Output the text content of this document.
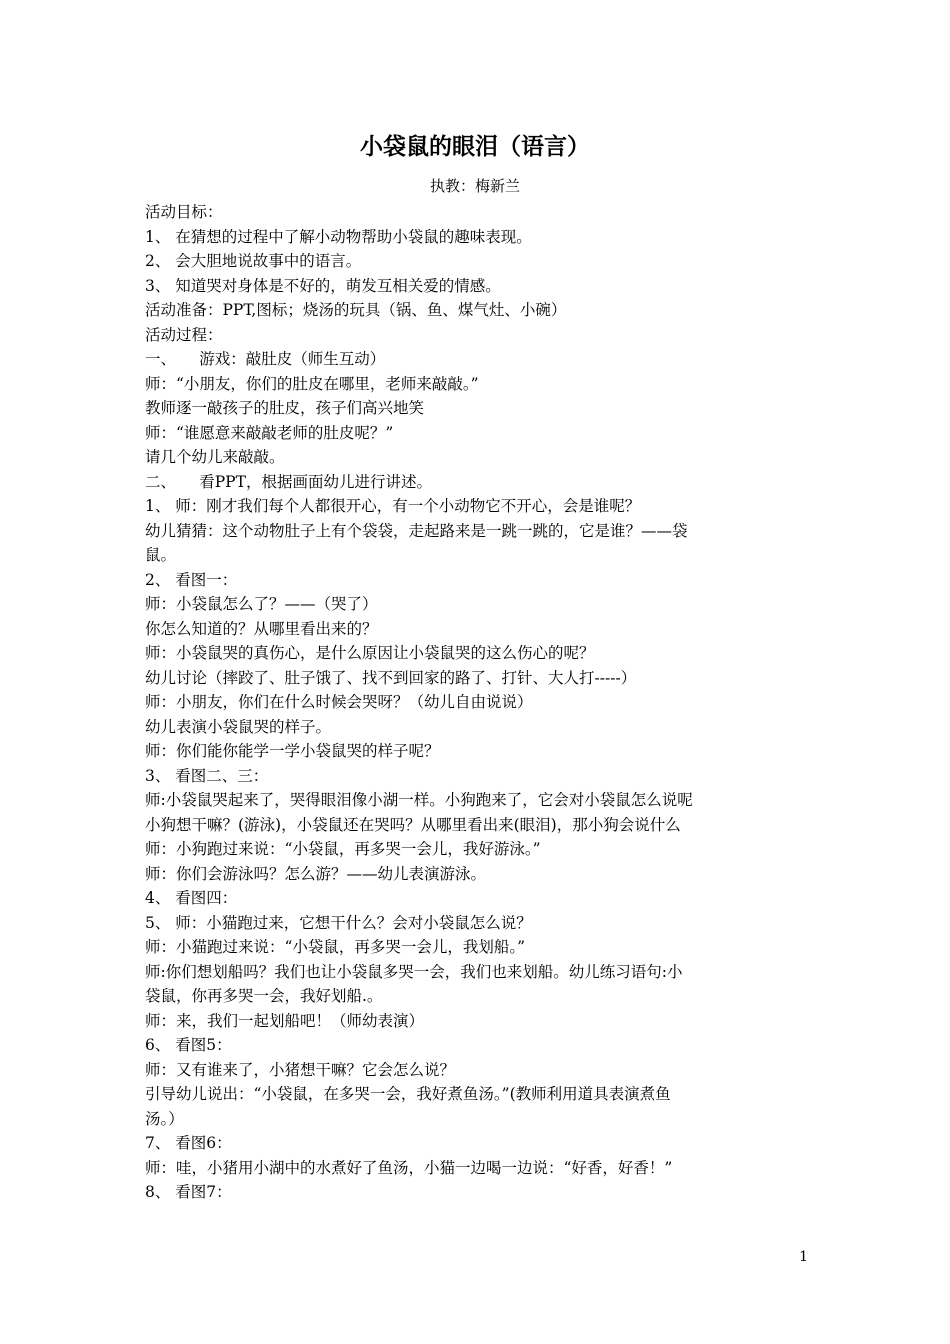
小袋鼠的眼泪（语言）
执教：梅新兰
活动目标：
1、 在猜想的过程中了解小动物帮助小袋鼠的趣味表现。
2、 会大胆地说故事中的语言。
3、 知道哭对身体是不好的，萌发互相关爱的情感。
活动准备：PPT,图标；烧汤的玩具（锅、鱼、煤气灶、小碗）
活动过程：
一、　　游戏：敲肚皮（师生互动）
师：“小朋友，你们的肚皮在哪里，老师来敲敲。”
教师逐一敲孩子的肚皮，孩子们高兴地笑
师：“谁愿意来敲敲老师的肚皮呢？”
请几个幼儿来敲敲。
二、　　看PPT，根据画面幼儿进行讲述。
1、 师：刚才我们每个人都很开心，有一个小动物它不开心，会是谁呢？
幼儿猜猜：这个动物肚子上有个袋袋，走起路来是一跳一跳的，它是谁？——袋
鼠。
2、 看图一：
师：小袋鼠怎么了？——（哭了）
你怎么知道的？从哪里看出来的？
师：小袋鼠哭的真伤心，是什么原因让小袋鼠哭的这么伤心的呢？
幼儿讨论（摔跤了、肚子饿了、找不到回家的路了、打针、大人打-----）
师：小朋友，你们在什么时候会哭呀？（幼儿自由说说）
幼儿表演小袋鼠哭的样子。
师：你们能你能学一学小袋鼠哭的样子呢？
3、 看图二、三：
师:小袋鼠哭起来了，哭得眼泪像小湖一样。小狗跑来了，它会对小袋鼠怎么说呢
小狗想干嘛？(游泳)，小袋鼠还在哭吗？从哪里看出来(眼泪)，那小狗会说什么
师：小狗跑过来说：“小袋鼠，再多哭一会儿，我好游泳。”
师：你们会游泳吗？怎么游？——幼儿表演游泳。
4、 看图四：
5、 师：小猫跑过来，它想干什么？会对小袋鼠怎么说？
师：小猫跑过来说：“小袋鼠，再多哭一会儿，我划船。”
师:你们想划船吗？我们也让小袋鼠多哭一会，我们也来划船。幼儿练习语句:小
袋鼠，你再多哭一会，我好划船.。
师：来，我们一起划船吧！（师幼表演）
6、 看图5：
师：又有谁来了，小猪想干嘛？它会怎么说？
引导幼儿说出：“小袋鼠，在多哭一会，我好煮鱼汤。”(教师利用道具表演煮鱼
汤。）
7、 看图6：
师：哇，小猪用小湖中的水煮好了鱼汤，小猫一边喝一边说：“好香，好香！”
8、 看图7：
1
